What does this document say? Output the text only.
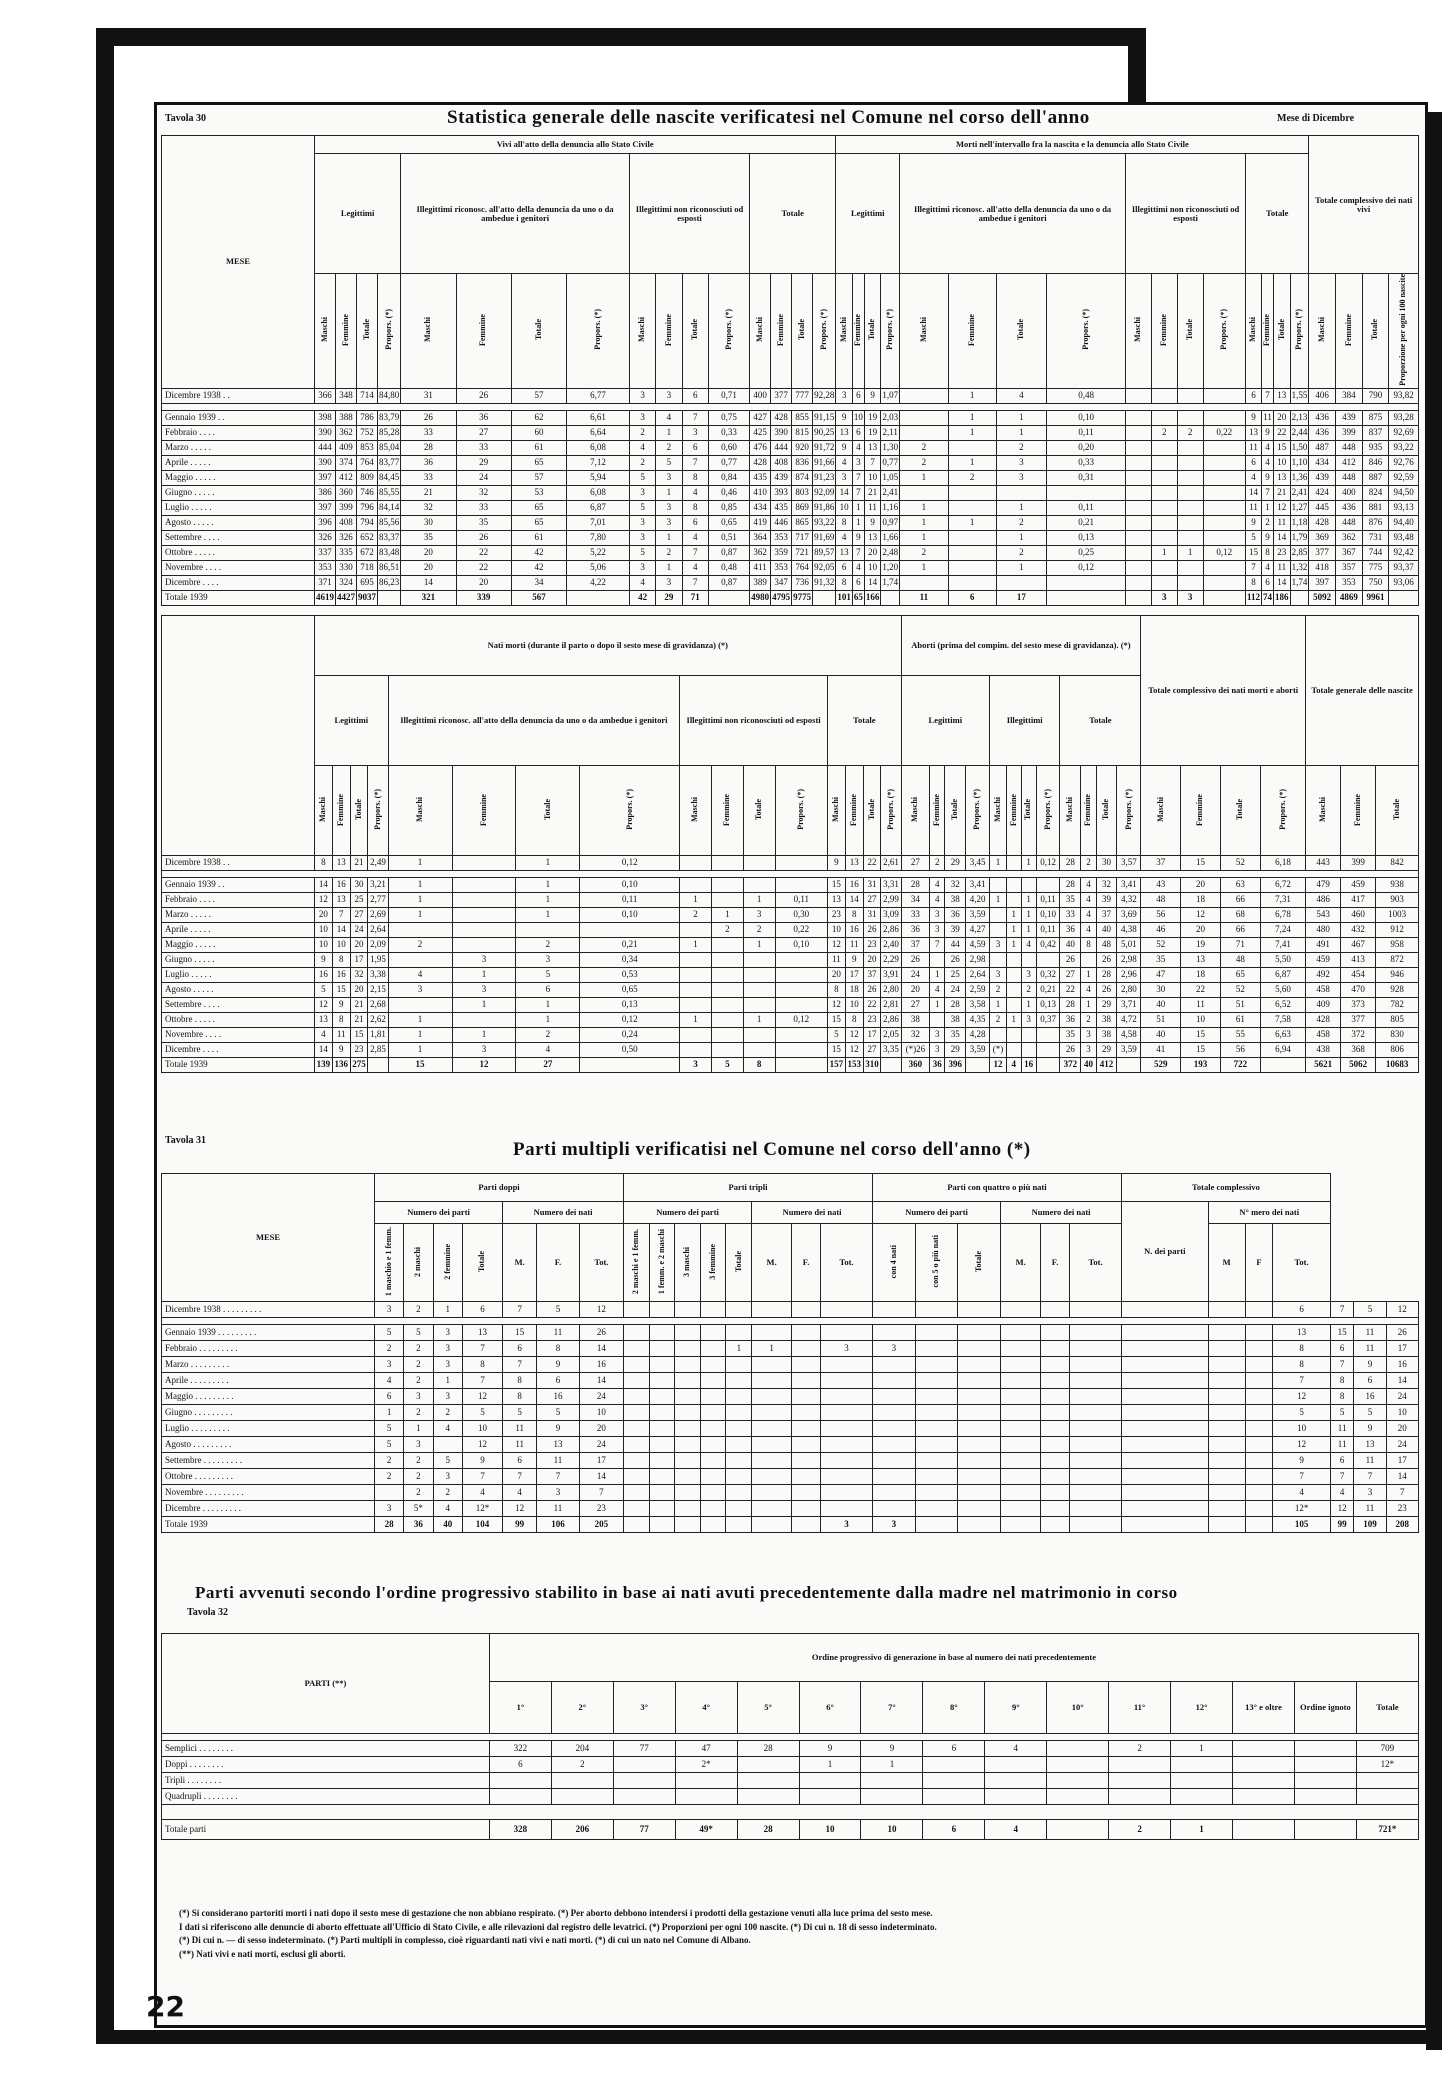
Tavola 30	Statistica generale delle nascite verificatesi nel Comune nel corso dell'anno	Mese di Dicembre
MESE	Vivi all'atto della denuncia allo Stato Civile																Morti nell'intervallo fra la nascita e la denuncia allo Stato Civile																Totale complessivo dei nati vivi			
	Legittimi				Illegittimi riconosc. all'atto della denuncia da uno o da ambedue i genitori				Illegittimi non riconosciuti od esposti				Totale				Legittimi				Illegittimi riconosc. all'atto della denuncia da uno o da ambedue i genitori				Illegittimi non riconosciuti od esposti				Totale							
	Maschi	Femmine	Totale	Propors. (*)	Maschi	Femmine	Totale	Propors. (*)	Maschi	Femmine	Totale	Propors. (*)	Maschi	Femmine	Totale	Propors. (*)	Maschi	Femmine	Totale	Propors. (*)	Maschi	Femmine	Totale	Propors. (*)	Maschi	Femmine	Totale	Propors. (*)	Maschi	Femmine	Totale	Propors. (*)	Maschi	Femmine	Totale	Proporzione per ogni 100 nascite
Dicembre 1938 . .	366	348	714	84,80	31	26	57	6,77	3	3	6	0,71	400	377	777	92,28	3	6	9	1,07		1	4	0,48					6	7	13	1,55	406	384	790	93,82

Gennaio 1939 . .	398	388	786	83,79	26	36	62	6,61	3	4	7	0,75	427	428	855	91,15	9	10	19	2,03		1	1	0,10					9	11	20	2,13	436	439	875	93,28
Febbraio . . . .	390	362	752	85,28	33	27	60	6,64	2	1	3	0,33	425	390	815	90,25	13	6	19	2,11		1	1	0,11		2	2	0,22	13	9	22	2,44	436	399	837	92,69
Marzo . . . . .	444	409	853	85,04	28	33	61	6,08	4	2	6	0,60	476	444	920	91,72	9	4	13	1,30	2		2	0,20					11	4	15	1,50	487	448	935	93,22
Aprile . . . . .	390	374	764	83,77	36	29	65	7,12	2	5	7	0,77	428	408	836	91,66	4	3	7	0,77	2	1	3	0,33					6	4	10	1,10	434	412	846	92,76
Maggio . . . . .	397	412	809	84,45	33	24	57	5,94	5	3	8	0,84	435	439	874	91,23	3	7	10	1,05	1	2	3	0,31					4	9	13	1,36	439	448	887	92,59
Giugno . . . . .	386	360	746	85,55	21	32	53	6,08	3	1	4	0,46	410	393	803	92,09	14	7	21	2,41									14	7	21	2,41	424	400	824	94,50
Luglio . . . . .	397	399	796	84,14	32	33	65	6,87	5	3	8	0,85	434	435	869	91,86	10	1	11	1,16	1		1	0,11					11	1	12	1,27	445	436	881	93,13
Agosto . . . . .	396	408	794	85,56	30	35	65	7,01	3	3	6	0,65	419	446	865	93,22	8	1	9	0,97	1	1	2	0,21					9	2	11	1,18	428	448	876	94,40
Settembre . . . .	326	326	652	83,37	35	26	61	7,80	3	1	4	0,51	364	353	717	91,69	4	9	13	1,66	1		1	0,13					5	9	14	1,79	369	362	731	93,48
Ottobre . . . . .	337	335	672	83,48	20	22	42	5,22	5	2	7	0,87	362	359	721	89,57	13	7	20	2,48	2		2	0,25		1	1	0,12	15	8	23	2,85	377	367	744	92,42
Novembre . . . .	353	330	718	86,51	20	22	42	5,06	3	1	4	0,48	411	353	764	92,05	6	4	10	1,20	1		1	0,12					7	4	11	1,32	418	357	775	93,37
Dicembre . . . .	371	324	695	86,23	14	20	34	4,22	4	3	7	0,87	389	347	736	91,32	8	6	14	1,74									8	6	14	1,74	397	353	750	93,06
Totale 1939	4619	4427	9037		321	339	567		42	29	71		4980	4795	9775		101	65	166		11	6	17			3	3		112	74	186		5092	4869	9961	
	Nati morti (durante il parto o dopo il sesto mese di gravidanza) (*)																Aborti (prima del compim. del sesto mese di gravidanza). (*)												Totale complessivo dei nati morti e aborti				Totale generale delle nascite		
	Legittimi				Illegittimi riconosc. all'atto della denuncia da uno o da ambedue i genitori				Illegittimi non riconosciuti od esposti				Totale				Legittimi				Illegittimi				Totale										
	Maschi	Femmine	Totale	Propors. (*)	Maschi	Femmine	Totale	Propors. (*)	Maschi	Femmine	Totale	Propors. (*)	Maschi	Femmine	Totale	Propors. (*)	Maschi	Femmine	Totale	Propors. (*)	Maschi	Femmine	Totale	Propors. (*)	Maschi	Femmine	Totale	Propors. (*)	Maschi	Femmine	Totale	Propors. (*)	Maschi	Femmine	Totale
Dicembre 1938 . .	8	13	21	2,49	1		1	0,12					9	13	22	2,61	27	2	29	3,45	1		1	0,12	28	2	30	3,57	37	15	52	6,18	443	399	842

Gennaio 1939 . .	14	16	30	3,21	1		1	0,10					15	16	31	3,31	28	4	32	3,41					28	4	32	3,41	43	20	63	6,72	479	459	938
Febbraio . . . .	12	13	25	2,77	1		1	0,11	1		1	0,11	13	14	27	2,99	34	4	38	4,20	1		1	0,11	35	4	39	4,32	48	18	66	7,31	486	417	903
Marzo . . . . .	20	7	27	2,69	1		1	0,10	2	1	3	0,30	23	8	31	3,09	33	3	36	3,59		1	1	0,10	33	4	37	3,69	56	12	68	6,78	543	460	1003
Aprile . . . . .	10	14	24	2,64						2	2	0,22	10	16	26	2,86	36	3	39	4,27		1	1	0,11	36	4	40	4,38	46	20	66	7,24	480	432	912
Maggio . . . . .	10	10	20	2,09	2		2	0,21	1		1	0,10	12	11	23	2,40	37	7	44	4,59	3	1	4	0,42	40	8	48	5,01	52	19	71	7,41	491	467	958
Giugno . . . . .	9	8	17	1,95		3	3	0,34					11	9	20	2,29	26		26	2,98					26		26	2,98	35	13	48	5,50	459	413	872
Luglio . . . . .	16	16	32	3,38	4	1	5	0,53					20	17	37	3,91	24	1	25	2,64	3		3	0,32	27	1	28	2,96	47	18	65	6,87	492	454	946
Agosto . . . . .	5	15	20	2,15	3	3	6	0,65					8	18	26	2,80	20	4	24	2,59	2		2	0,21	22	4	26	2,80	30	22	52	5,60	458	470	928
Settembre . . . .	12	9	21	2,68		1	1	0,13					12	10	22	2,81	27	1	28	3,58	1		1	0,13	28	1	29	3,71	40	11	51	6,52	409	373	782
Ottobre . . . . .	13	8	21	2,62	1		1	0,12	1		1	0,12	15	8	23	2,86	38		38	4,35	2	1	3	0,37	36	2	38	4,72	51	10	61	7,58	428	377	805
Novembre . . . .	4	11	15	1,81	1	1	2	0,24					5	12	17	2,05	32	3	35	4,28					35	3	38	4,58	40	15	55	6,63	458	372	830
Dicembre . . . .	14	9	23	2,85	1	3	4	0,50					15	12	27	3,35	(*)26	3	29	3,59	(*)				26	3	29	3,59	41	15	56	6,94	438	368	806
Totale 1939	139	136	275		15	12	27		3	5	8		157	153	310		360	36	396		12	4	16		372	40	412		529	193	722		5621	5062	10683
Tavola 31	Parti multipli verificatisi nel Comune nel corso dell'anno (*)
MESE	Parti doppi							Parti tripli								Parti con quattro o più nati						Totale complessivo						
	Numero dei parti				Numero dei nati			Numero dei parti					Numero dei nati			Numero dei parti			Numero dei nati			N. dei parti	N° mero dei nati					
	1 maschio e 1 femm.	2 maschi	2 femmine	Totale	M.	F.	Tot.	2 maschi e 1 femm.	1 femm. e 2 maschi	3 maschi	3 femmine	Totale	M.	F.	Tot.	con 4 nati	con 5 o più nati	Totale	M.	F.	Tot.		M	F	Tot.			
Dicembre 1938 . . . . . . . . .	3	2	1	6	7	5	12																		6	7	5	12

Gennaio 1939 . . . . . . . . .	5	5	3	13	15	11	26																		13	15	11	26
Febbraio . . . . . . . . .	2	2	3	7	6	8	14					1	1		3	3									8	6	11	17
Marzo . . . . . . . . .	3	2	3	8	7	9	16																		8	7	9	16
Aprile . . . . . . . . .	4	2	1	7	8	6	14																		7	8	6	14
Maggio . . . . . . . . .	6	3	3	12	8	16	24																		12	8	16	24
Giugno . . . . . . . . .	1	2	2	5	5	5	10																		5	5	5	10
Luglio . . . . . . . . .	5	1	4	10	11	9	20																		10	11	9	20
Agosto . . . . . . . . .	5	3		12	11	13	24																		12	11	13	24
Settembre . . . . . . . . .	2	2	5	9	6	11	17																		9	6	11	17
Ottobre . . . . . . . . .	2	2	3	7	7	7	14																		7	7	7	14
Novembre . . . . . . . . .		2	2	4	4	3	7																		4	4	3	7
Dicembre . . . . . . . . .	3	5*	4	12*	12	11	23																		12*	12	11	23
Totale 1939	28	36	40	104	99	106	205								3	3									105	99	109	208
Parti avvenuti secondo l'ordine progressivo stabilito in base ai nati avuti precedentemente dalla madre nel matrimonio in corso
Tavola 32
PARTI (**)	Ordine progressivo di generazione in base al numero dei nati precedentemente														
	1°	2°	3°	4°	5°	6°	7°	8°	9°	10°	11°	12°	13° e oltre	Ordine ignoto	Totale

Semplici . . . . . . . .	322	204	77	47	28	9	9	6	4		2	1			709
Doppi . . . . . . . .	6	2		2*		1	1								12*
Tripli . . . . . . . .															
Quadrupli . . . . . . . .															

Totale parti	328	206	77	49*	28	10	10	6	4		2	1			721*
(*) Si considerano partoriti morti i nati dopo il sesto mese di gestazione che non abbiano respirato. (*) Per aborto debbono intendersi i prodotti della gestazione venuti alla luce prima del sesto mese.
I dati si riferiscono alle denuncie di aborto effettuate all'Ufficio di Stato Civile, e alle rilevazioni dal registro delle levatrici. (*) Proporzioni per ogni 100 nascite. (*) Di cui n. 18 di sesso indeterminato.
(*) Di cui n. — di sesso indeterminato. (*) Parti multipli in complesso, cioè riguardanti nati vivi e nati morti. (*) di cui un nato nel Comune di Albano.
(**) Nati vivi e nati morti, esclusi gli aborti.
22
